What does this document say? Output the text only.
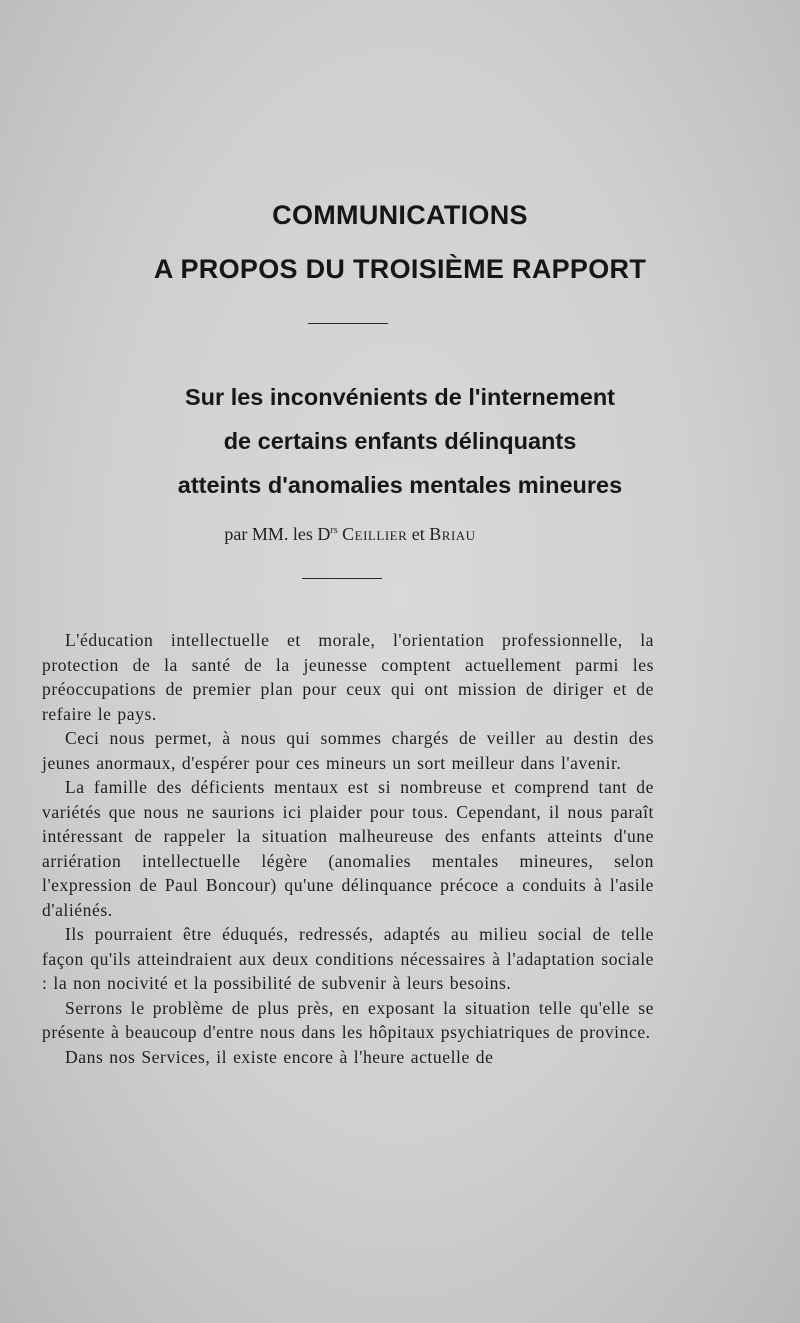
COMMUNICATIONS
A PROPOS DU TROISIÈME RAPPORT
Sur les inconvénients de l'internement
de certains enfants délinquants
atteints d'anomalies mentales mineures
par MM. les $D^{rs}$ Ceillier et Briau

L'éducation intellectuelle et morale, l'orientation professionnelle, la protection de la santé de la jeunesse comptent actuellement parmi les préoccupations de premier plan pour ceux qui ont mission de diriger et de refaire le pays.

Ceci nous permet, à nous qui sommes chargés de veiller au destin des jeunes anormaux, d'espérer pour ces mineurs un sort meilleur dans l'avenir.

La famille des déficients mentaux est si nombreuse et comprend tant de variétés que nous ne saurions ici plaider pour tous. Cependant, il nous paraît intéressant de rappeler la situation malheureuse des enfants atteints d'une arriération intellectuelle légère (anomalies mentales mineures, selon l'expression de Paul Boncour) qu'une délinquance précoce a conduits à l'asile d'aliénés.

Ils pourraient être éduqués, redressés, adaptés au milieu social de telle façon qu'ils atteindraient aux deux conditions nécessaires à l'adaptation sociale : la non nocivité et la possibilité de subvenir à leurs besoins.

Serrons le problème de plus près, en exposant la situation telle qu'elle se présente à beaucoup d'entre nous dans les hôpitaux psychiatriques de province.

Dans nos Services, il existe encore à l'heure actuelle de
